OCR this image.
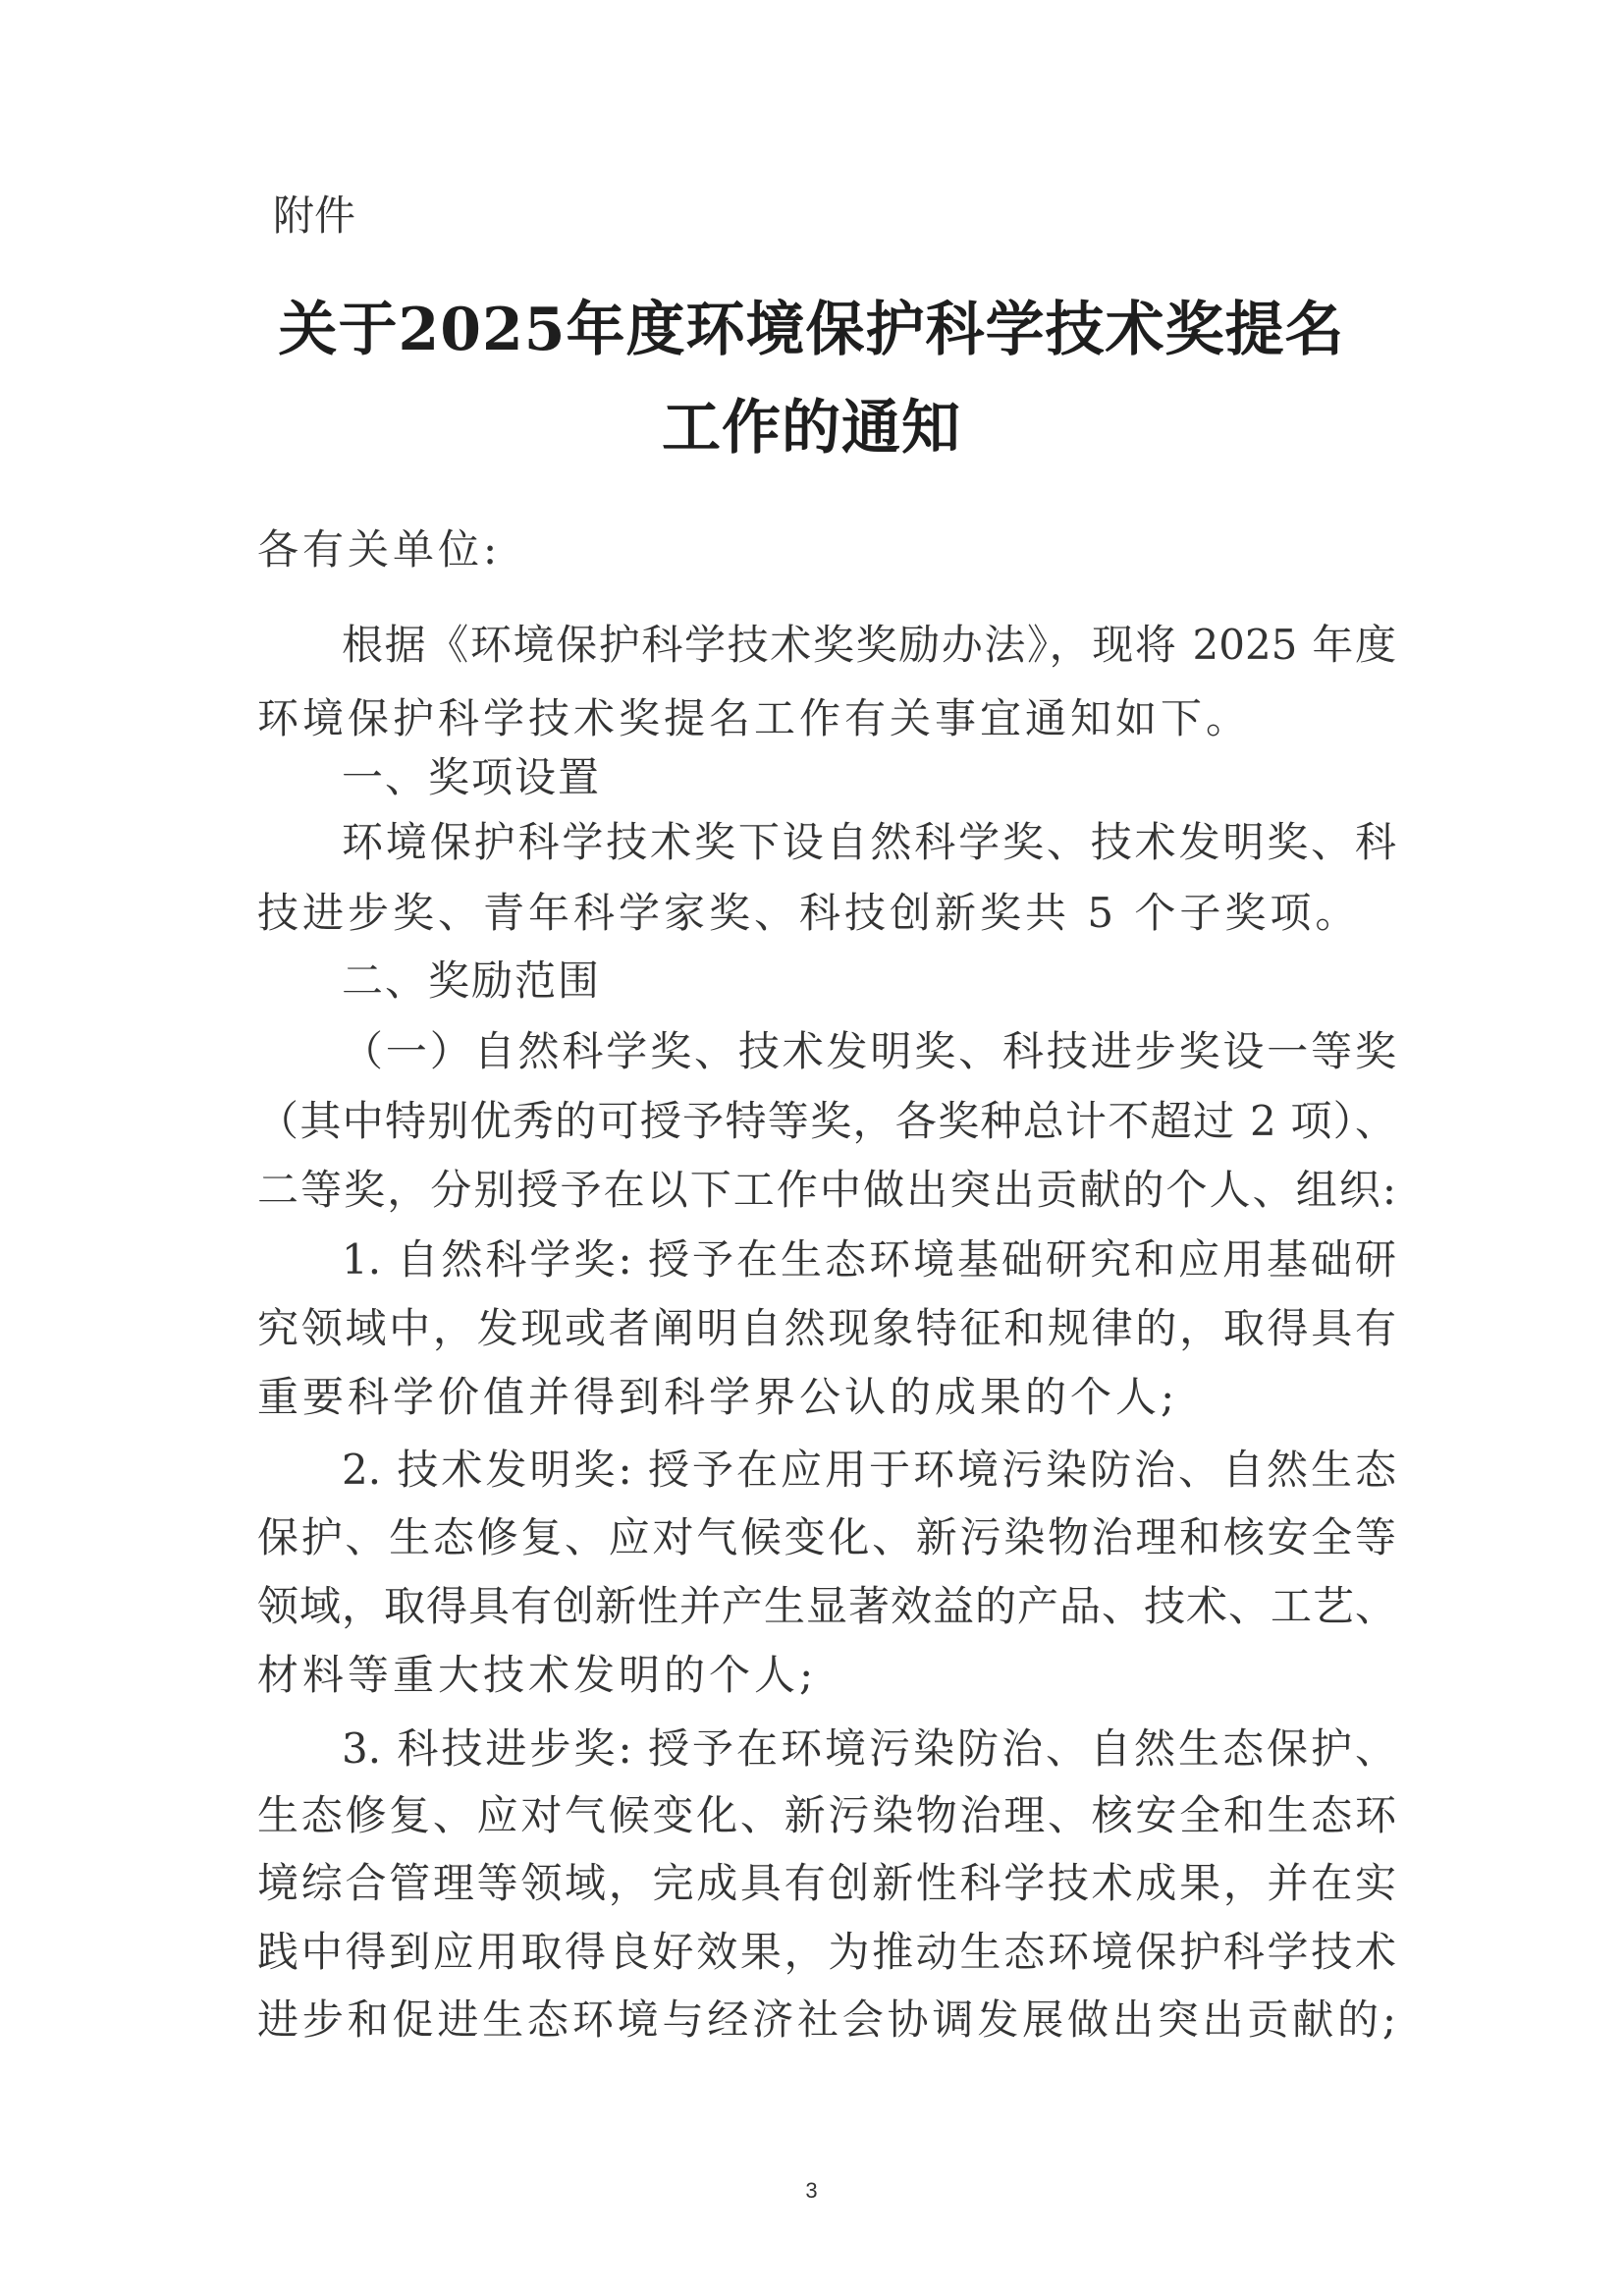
附件
关于2025年度环境保护科学技术奖提名
工作的通知
各有关单位:
根据《环境保护科学技术奖奖励办法》，现将 2025 年度
环境保护科学技术奖提名工作有关事宜通知如下。
一、奖项设置
环境保护科学技术奖下设自然科学奖、技术发明奖、科
技进步奖、青年科学家奖、科技创新奖共 5 个子奖项。
二、奖励范围
（一）自然科学奖、技术发明奖、科技进步奖设一等奖
（其中特别优秀的可授予特等奖，各奖种总计不超过 2 项）、
二等奖，分别授予在以下工作中做出突出贡献的个人、组织:
1. 自然科学奖: 授予在生态环境基础研究和应用基础研
究领域中，发现或者阐明自然现象特征和规律的，取得具有
重要科学价值并得到科学界公认的成果的个人;
2. 技术发明奖: 授予在应用于环境污染防治、自然生态
保护、生态修复、应对气候变化、新污染物治理和核安全等
领域，取得具有创新性并产生显著效益的产品、技术、工艺、
材料等重大技术发明的个人;
3. 科技进步奖: 授予在环境污染防治、自然生态保护、
生态修复、应对气候变化、新污染物治理、核安全和生态环
境综合管理等领域，完成具有创新性科学技术成果，并在实
践中得到应用取得良好效果，为推动生态环境保护科学技术
进步和促进生态环境与经济社会协调发展做出突出贡献的;
3
